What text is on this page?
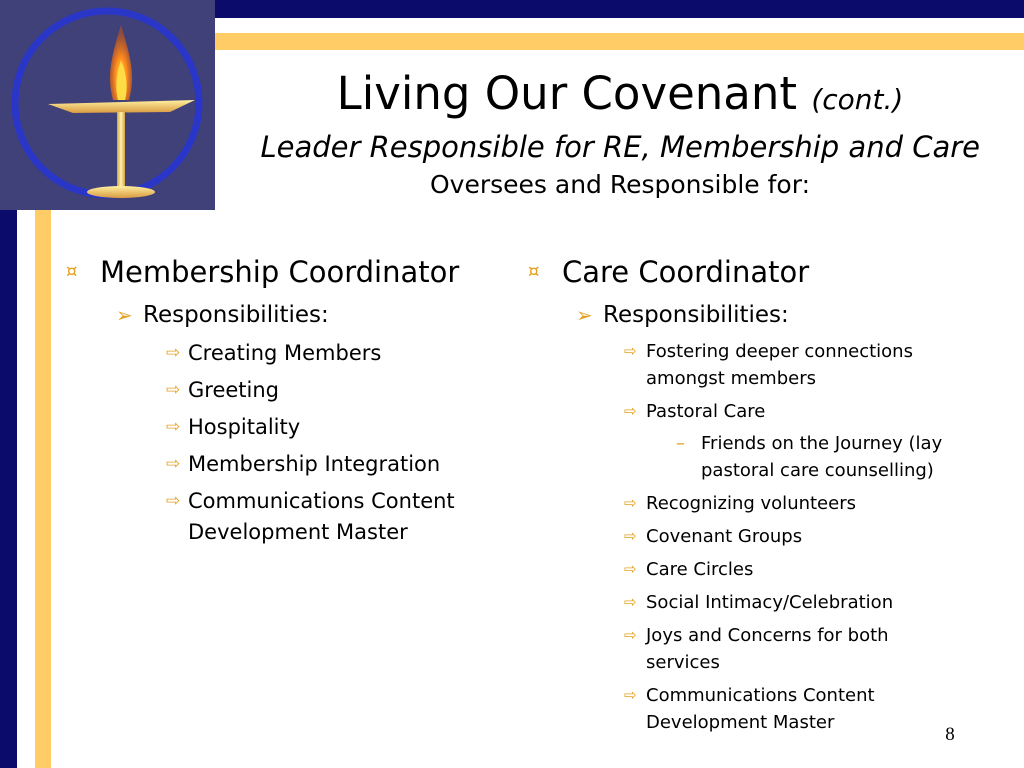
Living Our Covenant (cont.)
Leader Responsible for RE, Membership and Care
Oversees and Responsible for:
¤ Membership Coordinator
➢ Responsibilities:
⇨ Creating Members
⇨ Greeting
⇨ Hospitality
⇨ Membership Integration
⇨ Communications Content Development Master
¤ Care Coordinator
➢ Responsibilities:
⇨ Fostering deeper connections amongst members
⇨ Pastoral Care
– Friends on the Journey (lay pastoral care counselling)
⇨ Recognizing volunteers
⇨ Covenant Groups
⇨ Care Circles
⇨ Social Intimacy/Celebration
⇨ Joys and Concerns for both services
⇨ Communications Content Development Master
8
